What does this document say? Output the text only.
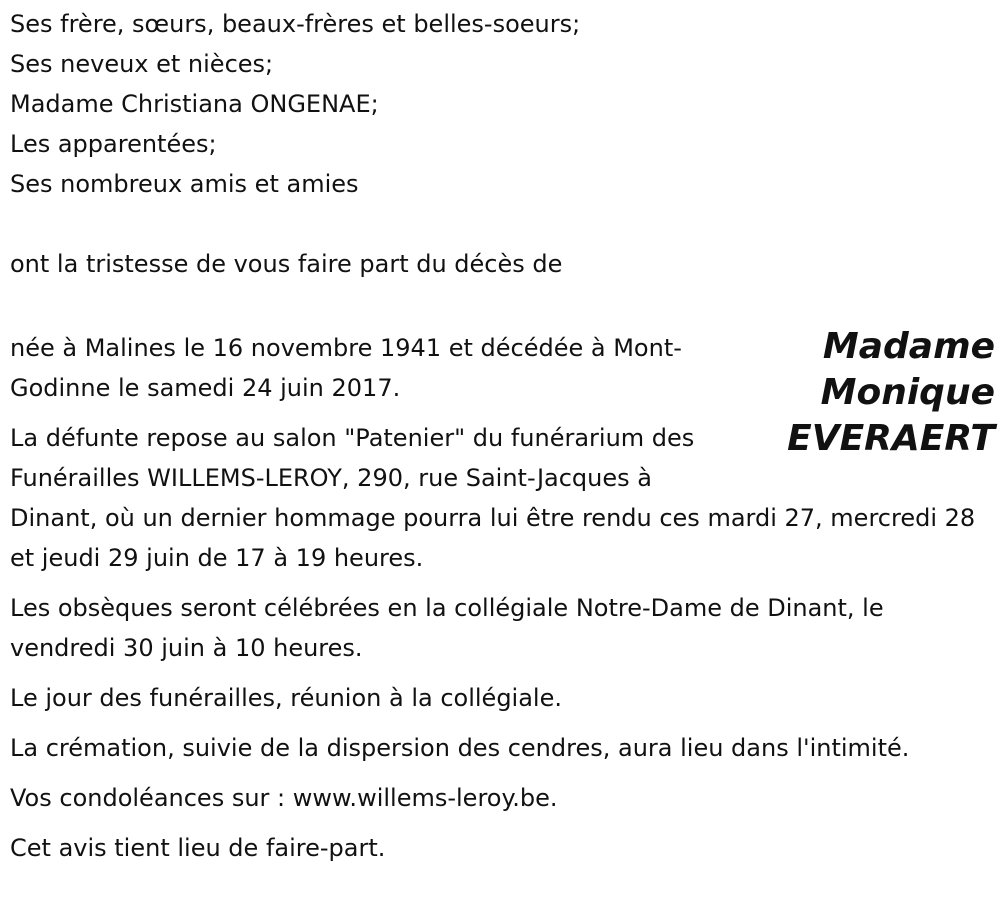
Ses frère, sœurs, beaux-frères et belles-soeurs;
Ses neveux et nièces;
Madame Christiana ONGENAE;
Les apparentées;
Ses nombreux amis et amies
ont la tristesse de vous faire part du décès de
Madame
Monique
EVERAERT

née à Malines le 16 novembre 1941 et décédée à Mont-Godinne le samedi 24 juin 2017.

La défunte repose au salon "Patenier" du funérarium des Funérailles WILLEMS-LEROY, 290, rue Saint-Jacques à Dinant, où un dernier hommage pourra lui être rendu ces mardi 27, mercredi 28 et jeudi 29 juin de 17 à 19 heures.

Les obsèques seront célébrées en la collégiale Notre-Dame de Dinant, le vendredi 30 juin à 10 heures.

Le jour des funérailles, réunion à la collégiale.

La crémation, suivie de la dispersion des cendres, aura lieu dans l'intimité.

Vos condoléances sur : www.willems-leroy.be.

Cet avis tient lieu de faire-part.
